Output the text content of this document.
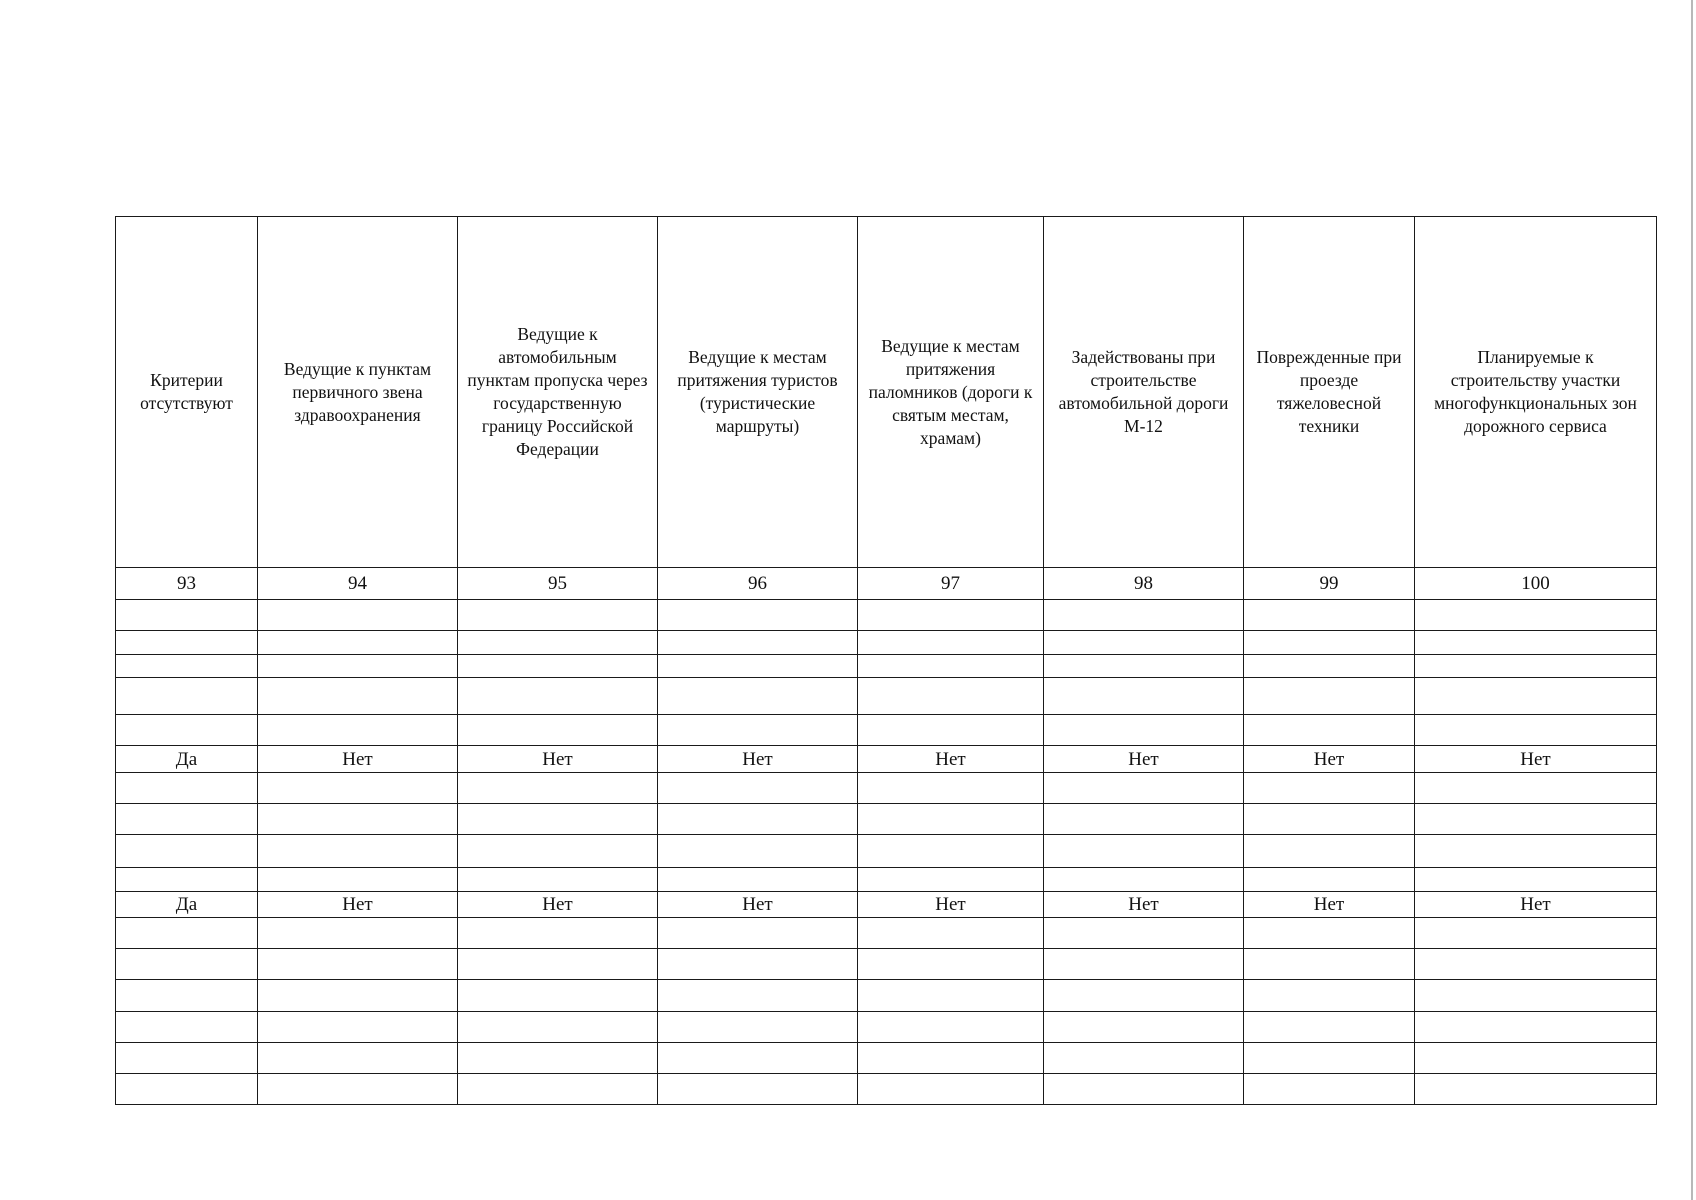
Критерии отсутствуют	Ведущие к пунктам первичного звена здравоохранения	Ведущие к автомобильным пунктам пропуска через государственную границу Российской Федерации	Ведущие к местам притяжения туристов (туристические маршруты)	Ведущие к местам притяжения паломников (дороги к святым местам, храмам)	Задействованы при строительстве автомобильной дороги М-12	Поврежденные при проезде тяжеловесной техники	Планируемые к строительству участки многофункциональных зон дорожного сервиса
93	94	95	96	97	98	99	100

Да	Нет	Нет	Нет	Нет	Нет	Нет	Нет

Да	Нет	Нет	Нет	Нет	Нет	Нет	Нет
